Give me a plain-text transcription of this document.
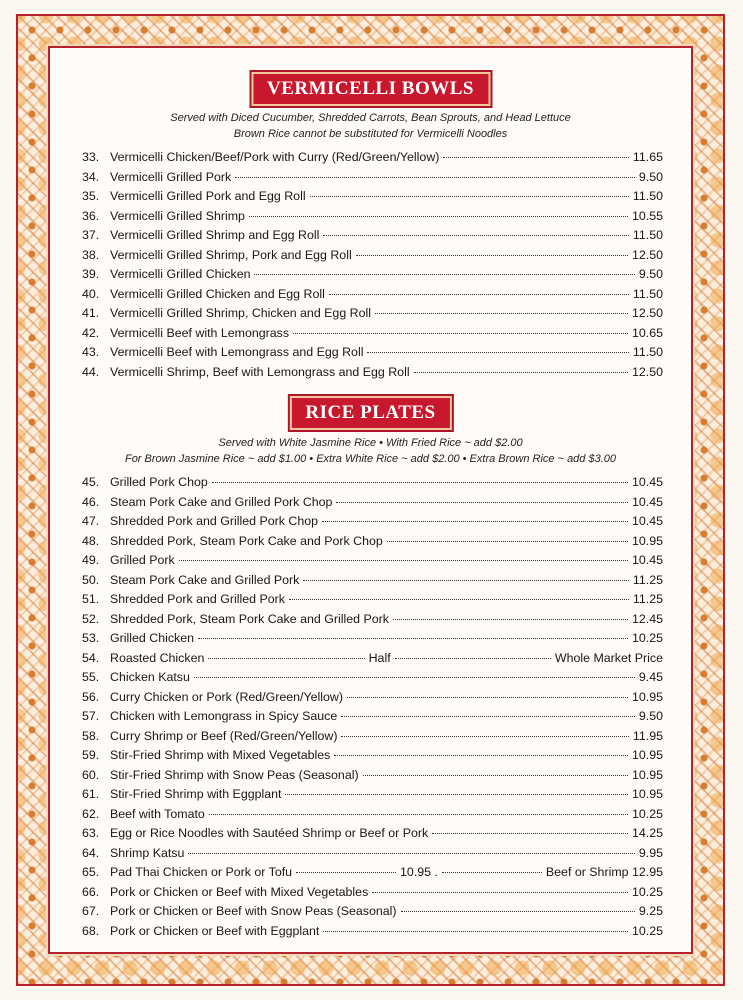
VERMICELLI BOWLS
Served with Diced Cucumber, Shredded Carrots, Bean Sprouts, and Head Lettuce
Brown Rice cannot be substituted for Vermicelli Noodles
33. Vermicelli Chicken/Beef/Pork with Curry (Red/Green/Yellow)	11.65
34. Vermicelli Grilled Pork	9.50
35. Vermicelli Grilled Pork and Egg Roll	11.50
36. Vermicelli Grilled Shrimp	10.55
37. Vermicelli Grilled Shrimp and Egg Roll	11.50
38. Vermicelli Grilled Shrimp, Pork and Egg Roll	12.50
39. Vermicelli Grilled Chicken	9.50
40. Vermicelli Grilled Chicken and Egg Roll	11.50
41. Vermicelli Grilled Shrimp, Chicken and Egg Roll	12.50
42. Vermicelli Beef with Lemongrass	10.65
43. Vermicelli Beef with Lemongrass and Egg Roll	11.50
44. Vermicelli Shrimp, Beef with Lemongrass and Egg Roll	12.50
RICE PLATES
Served with White Jasmine Rice • With Fried Rice ~ add $2.00
For Brown Jasmine Rice ~ add $1.00 • Extra White Rice ~ add $2.00 • Extra Brown Rice ~ add $3.00
45. Grilled Pork Chop	10.45
46. Steam Pork Cake and Grilled Pork Chop	10.45
47. Shredded Pork and Grilled Pork Chop	10.45
48. Shredded Pork, Steam Pork Cake and Pork Chop	10.95
49. Grilled Pork	10.45
50. Steam Pork Cake and Grilled Pork	11.25
51. Shredded Pork and Grilled Pork	11.25
52. Shredded Pork, Steam Pork Cake and Grilled Pork	12.45
53. Grilled Chicken	10.25
54. Roasted Chicken	Half	Whole Market Price
55. Chicken Katsu	9.45
56. Curry Chicken or Pork (Red/Green/Yellow)	10.95
57. Chicken with Lemongrass in Spicy Sauce	9.50
58. Curry Shrimp or Beef (Red/Green/Yellow)	11.95
59. Stir-Fried Shrimp with Mixed Vegetables	10.95
60. Stir-Fried Shrimp with Snow Peas (Seasonal)	10.95
61. Stir-Fried Shrimp with Eggplant	10.95
62. Beef with Tomato	10.25
63. Egg or Rice Noodles with Sautéed Shrimp or Beef or Pork	14.25
64. Shrimp Katsu	9.95
65. Pad Thai Chicken or Pork or Tofu	10.95 .	Beef or Shrimp 12.95
66. Pork or Chicken or Beef with Mixed Vegetables	10.25
67. Pork or Chicken or Beef with Snow Peas (Seasonal)	9.25
68. Pork or Chicken or Beef with Eggplant	10.25
